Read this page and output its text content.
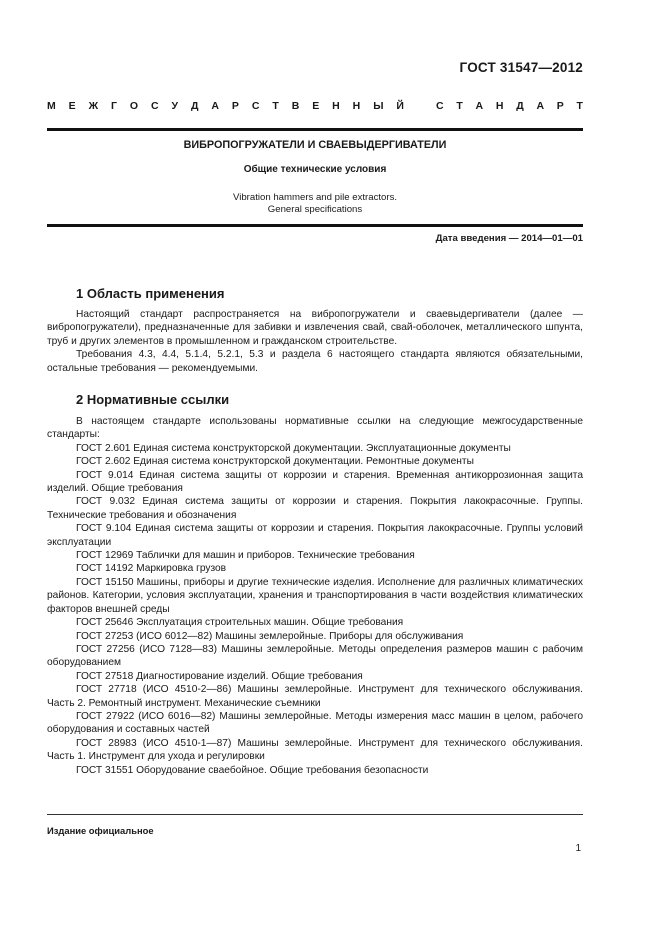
ГОСТ 31547—2012
М Е Ж Г О С У Д А Р С Т В Е Н Н Ы Й	С Т А Н Д А Р Т
ВИБРОПОГРУЖАТЕЛИ И СВАЕВЫДЕРГИВАТЕЛИ
Общие технические условия
Vibration hammers and pile extractors.
General specifications
Дата введения — 2014—01—01
1 Область применения

Настоящий стандарт распространяется на вибропогружатели и сваевыдергиватели (далее — вибропогружатели), предназначенные для забивки и извлечения свай, свай-оболочек, металлического шпунта, труб и других элементов в промышленном и гражданском строительстве.

Требования 4.3, 4.4, 5.1.4, 5.2.1, 5.3 и раздела 6 настоящего стандарта являются обязательными, остальные требования — рекомендуемыми.

2 Нормативные ссылки

В настоящем стандарте использованы нормативные ссылки на следующие межгосударственные стандарты:

ГОСТ 2.601 Единая система конструкторской документации. Эксплуатационные документы

ГОСТ 2.602 Единая система конструкторской документации. Ремонтные документы

ГОСТ 9.014 Единая система защиты от коррозии и старения. Временная антикоррозионная защита изделий. Общие требования

ГОСТ 9.032 Единая система защиты от коррозии и старения. Покрытия лакокрасочные. Группы. Технические требования и обозначения

ГОСТ 9.104 Единая система защиты от коррозии и старения. Покрытия лакокрасочные. Группы условий эксплуатации

ГОСТ 12969 Таблички для машин и приборов. Технические требования

ГОСТ 14192 Маркировка грузов

ГОСТ 15150 Машины, приборы и другие технические изделия. Исполнение для различных климатических районов. Категории, условия эксплуатации, хранения и транспортирования в части воздействия климатических факторов внешней среды

ГОСТ 25646 Эксплуатация строительных машин. Общие требования

ГОСТ 27253 (ИСО 6012—82) Машины землеройные. Приборы для обслуживания

ГОСТ 27256 (ИСО 7128—83) Машины землеройные. Методы определения размеров машин с рабочим оборудованием

ГОСТ 27518 Диагностирование изделий. Общие требования

ГОСТ 27718 (ИСО 4510-2—86) Машины землеройные. Инструмент для технического обслуживания. Часть 2. Ремонтный инструмент. Механические съемники

ГОСТ 27922 (ИСО 6016—82) Машины землеройные. Методы измерения масс машин в целом, рабочего оборудования и составных частей

ГОСТ 28983 (ИСО 4510-1—87) Машины землеройные. Инструмент для технического обслуживания. Часть 1. Инструмент для ухода и регулировки

ГОСТ 31551 Оборудование сваебойное. Общие требования безопасности

Издание официальное
1
